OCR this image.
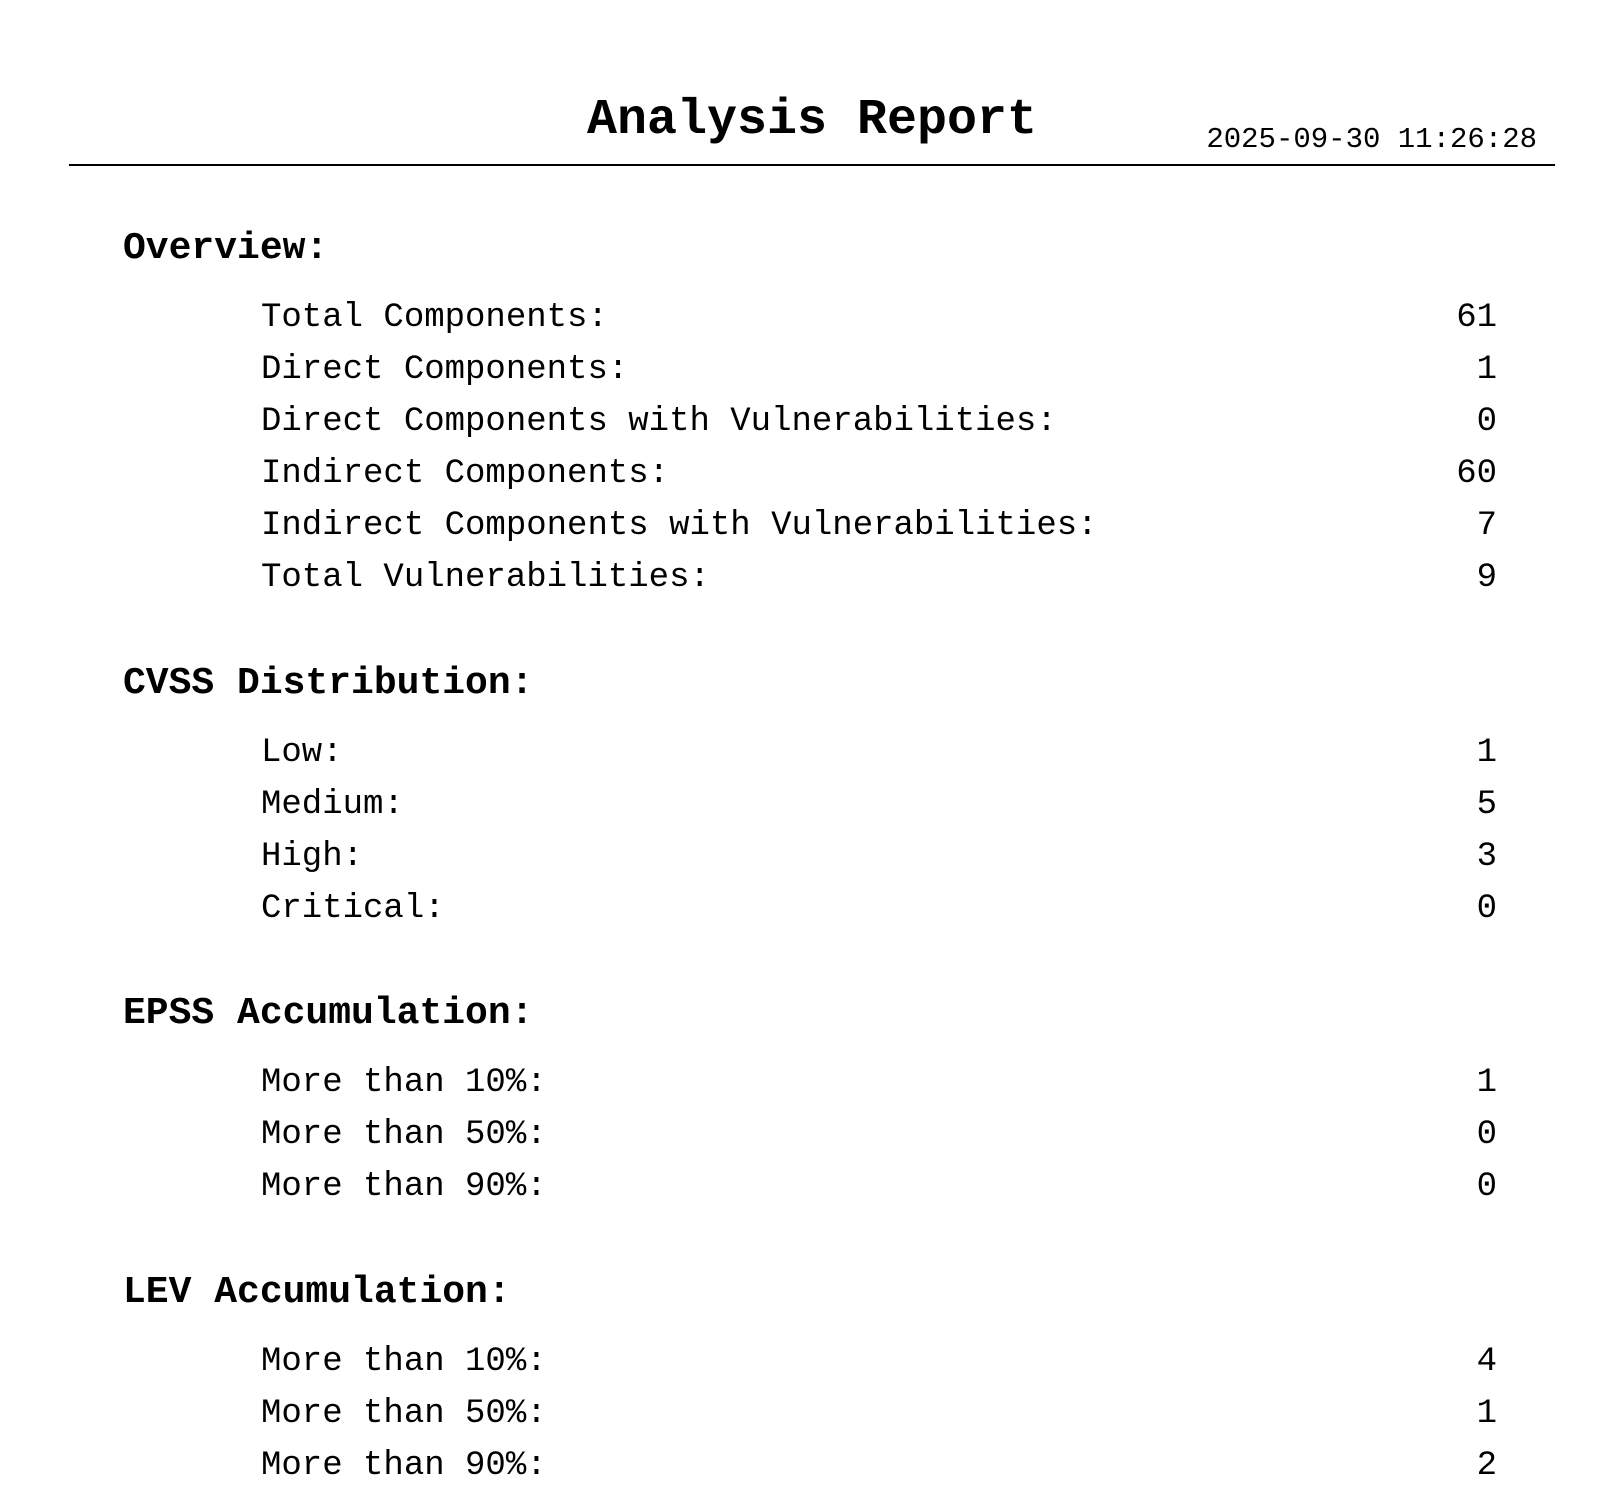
Analysis Report	2025-09-30 11:26:28
Overview:
Total Components:	61
Direct Components:	1
Direct Components with Vulnerabilities:	0
Indirect Components:	60
Indirect Components with Vulnerabilities:	7
Total Vulnerabilities:	9
CVSS Distribution:
Low:	1
Medium:	5
High:	3
Critical:	0
EPSS Accumulation:
More than 10%:	1
More than 50%:	0
More than 90%:	0
LEV Accumulation:
More than 10%:	4
More than 50%:	1
More than 90%:	2
